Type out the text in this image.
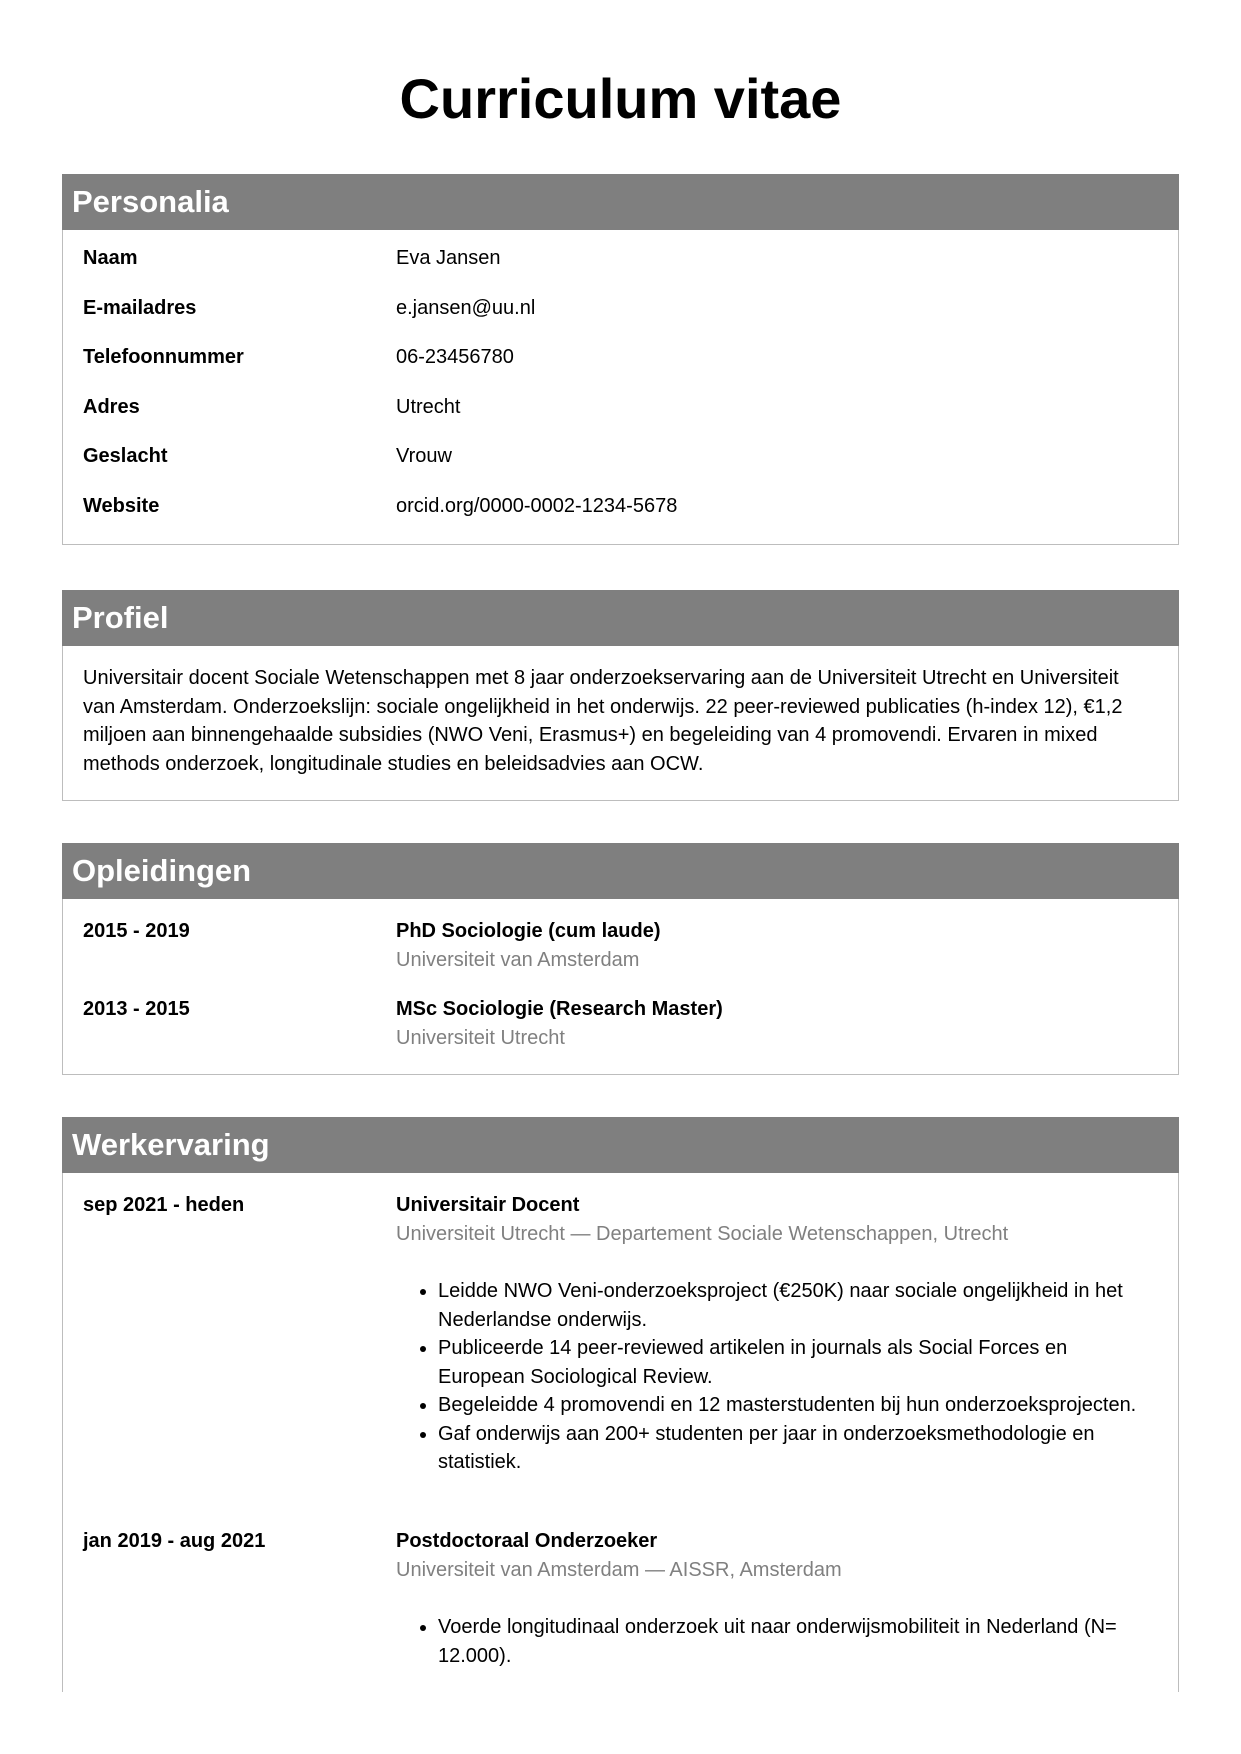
Curriculum vitae
Personalia
Naam	Eva Jansen
E-mailadres	e.jansen@uu.nl
Telefoonnummer	06-23456780
Adres	Utrecht
Geslacht	Vrouw
Website	orcid.org/0000-0002-1234-5678
Profiel
Universitair docent Sociale Wetenschappen met 8 jaar onderzoekservaring aan de Universiteit Utrecht en Universiteit van Amsterdam. Onderzoekslijn: sociale ongelijkheid in het onderwijs. 22 peer-reviewed publicaties (h-index 12), €1,2 miljoen aan binnengehaalde subsidies (NWO Veni, Erasmus+) en begeleiding van 4 promovendi. Ervaren in mixed methods onderzoek, longitudinale studies en beleidsadvies aan OCW.
Opleidingen
2015 - 2019	PhD Sociologie (cum laude)
Universiteit van Amsterdam
2013 - 2015	MSc Sociologie (Research Master)
Universiteit Utrecht
Werkervaring
sep 2021 - heden	Universitair Docent
Universiteit Utrecht — Departement Sociale Wetenschappen, Utrecht
• Leidde NWO Veni-onderzoeksproject (€250K) naar sociale ongelijkheid in het Nederlandse onderwijs.
• Publiceerde 14 peer-reviewed artikelen in journals als Social Forces en European Sociological Review.
• Begeleidde 4 promovendi en 12 masterstudenten bij hun onderzoeksprojecten.
• Gaf onderwijs aan 200+ studenten per jaar in onderzoeksmethodologie en statistiek.
jan 2019 - aug 2021	Postdoctoraal Onderzoeker
Universiteit van Amsterdam — AISSR, Amsterdam
• Voerde longitudinaal onderzoek uit naar onderwijsmobiliteit in Nederland (N= 12.000).
